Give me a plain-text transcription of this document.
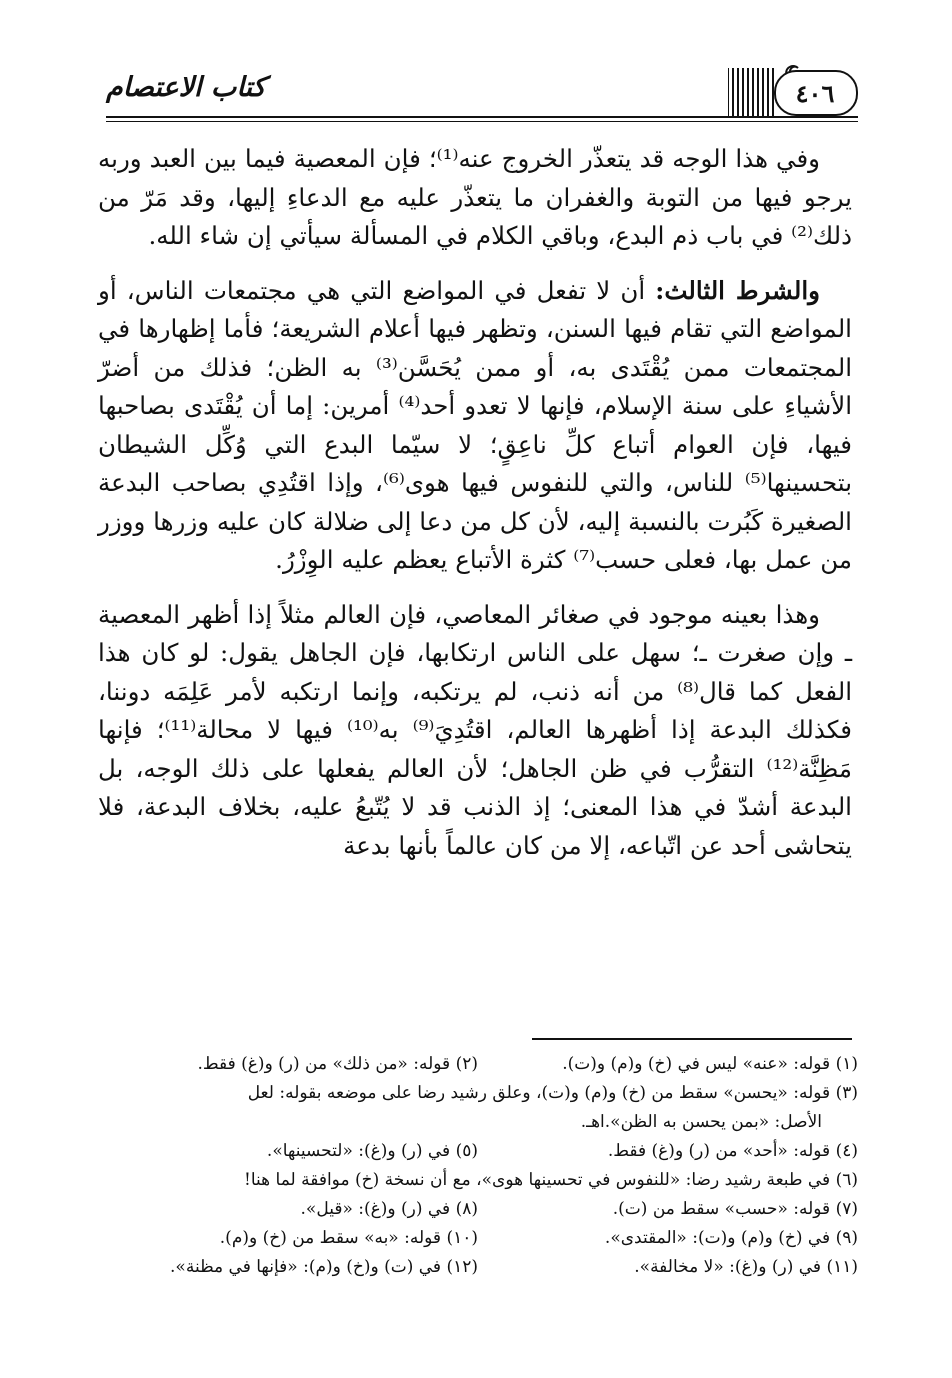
كتاب الاعتصام	٤٠٦

وفي هذا الوجه قد يتعذّر الخروج عنه⁽¹⁾؛ فإن المعصية فيما بين العبد وربه يرجو فيها من التوبة والغفران ما يتعذّر عليه مع الدعاءِ إليها، وقد مَرّ من ذلك⁽²⁾ في باب ذم البدع، وباقي الكلام في المسألة سيأتي إن شاء الله.

والشرط الثالث: أن لا تفعل في المواضع التي هي مجتمعات الناس، أو المواضع التي تقام فيها السنن، وتظهر فيها أعلام الشريعة؛ فأما إظهارها في المجتمعات ممن يُقْتَدى به، أو ممن يُحَسَّن⁽³⁾ به الظن؛ فذلك من أضرّ الأشياءِ على سنة الإسلام، فإنها لا تعدو أحد⁽⁴⁾ أمرين: إما أن يُقْتَدى بصاحبها فيها، فإن العوام أتباع كلِّ ناعِقٍ؛ لا سيّما البدع التي وُكِّل الشيطان بتحسينها⁽⁵⁾ للناس، والتي للنفوس فيها هوى⁽⁶⁾، وإذا اقتُدِي بصاحب البدعة الصغيرة كَبُرت بالنسبة إليه، لأن كل من دعا إلى ضلالة كان عليه وزرها ووزر من عمل بها، فعلى حسب⁽⁷⁾ كثرة الأتباع يعظم عليه الوِزْرُ.

وهذا بعينه موجود في صغائر المعاصي، فإن العالم مثلاً إذا أظهر المعصية ـ وإن صغرت ـ؛ سهل على الناس ارتكابها، فإن الجاهل يقول: لو كان هذا الفعل كما قال⁽⁸⁾ من أنه ذنب، لم يرتكبه، وإنما ارتكبه لأمر عَلِمَه دوننا، فكذلك البدعة إذا أظهرها العالم، اقتُدِيَ⁽⁹⁾ به⁽¹⁰⁾ فيها لا محالة⁽¹¹⁾؛ فإنها مَظِنَّة⁽¹²⁾ التقرُّب في ظن الجاهل؛ لأن العالم يفعلها على ذلك الوجه، بل البدعة أشدّ في هذا المعنى؛ إذ الذنب قد لا يُتّبعُ عليه، بخلاف البدعة، فلا يتحاشى أحد عن اتّباعه، إلا من كان عالماً بأنها بدعة

(١) قوله: «عنه» ليس في (خ) و(م) و(ت).
(٢) قوله: «من ذلك» من (ر) و(غ) فقط.
(٣) قوله: «يحسن» سقط من (خ) و(م) و(ت)، وعلق رشيد رضا على موضعه بقوله: لعل
الأصل: «بمن يحسن به الظن».اهـ.
(٤) قوله: «أحد» من (ر) و(غ) فقط.
(٥) في (ر) و(غ): «لتحسينها».
(٦) في طبعة رشيد رضا: «للنفوس في تحسينها هوى»، مع أن نسخة (خ) موافقة لما هنا!
(٧) قوله: «حسب» سقط من (ت).
(٨) في (ر) و(غ): «قيل».
(٩) في (خ) و(م) و(ت): «المقتدى».
(١٠) قوله: «به» سقط من (خ) و(م).
(١١) في (ر) و(غ): «لا مخالفة».
(١٢) في (ت) و(خ) و(م): «فإنها في مظنة».
